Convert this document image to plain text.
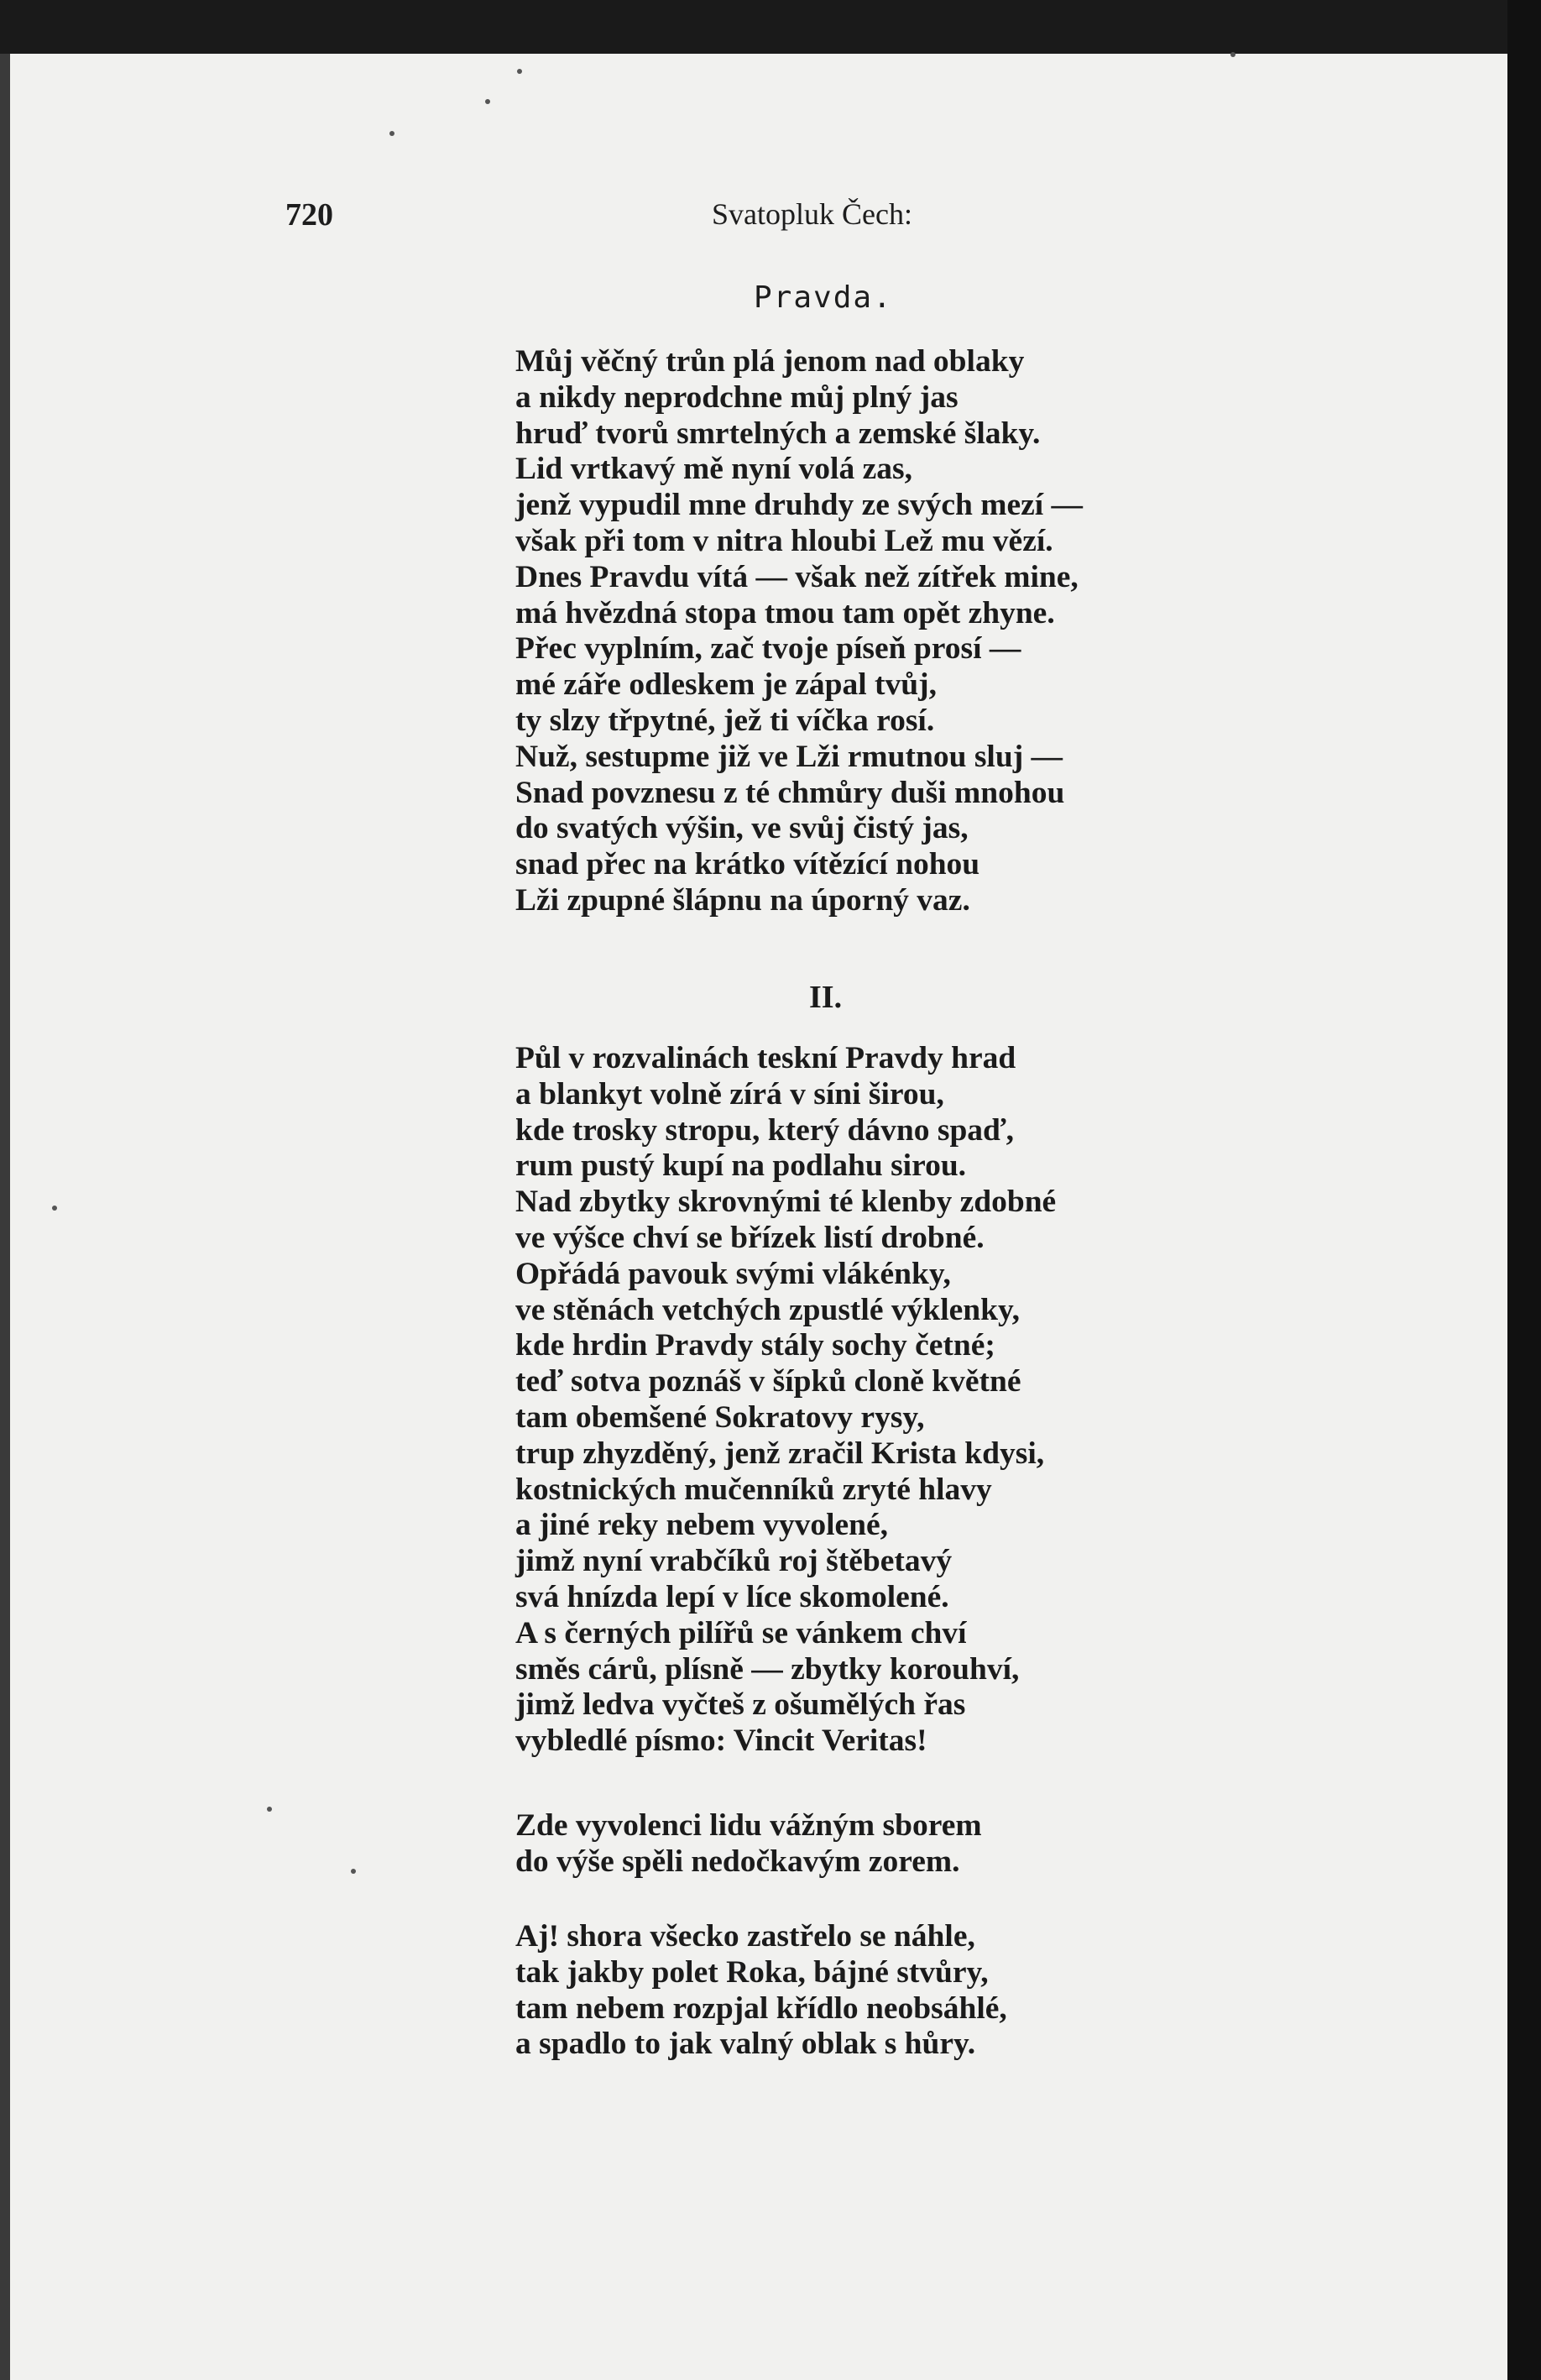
720	Svatopluk Čech:
Pravda.
Můj věčný trůn plá jenom nad oblaky
a nikdy neprodchne můj plný jas
hruď tvorů smrtelných a zemské šlaky.
Lid vrtkavý mě nyní volá zas,
jenž vypudil mne druhdy ze svých mezí —
však při tom v nitra hloubi Lež mu vězí.
Dnes Pravdu vítá — však než zítřek mine,
má hvězdná stopa tmou tam opět zhyne.
Přec vyplním, zač tvoje píseň prosí —
mé záře odleskem je zápal tvůj,
ty slzy třpytné, jež ti víčka rosí.
Nuž, sestupme již ve Lži rmutnou sluj —
Snad povznesu z té chmůry duši mnohou
do svatých výšin, ve svůj čistý jas,
snad přec na krátko vítězící nohou
Lži zpupné šlápnu na úporný vaz.
II.
Půl v rozvalinách teskní Pravdy hrad
a blankyt volně zírá v síni širou,
kde trosky stropu, který dávno spaď,
rum pustý kupí na podlahu sirou.
Nad zbytky skrovnými té klenby zdobné
ve výšce chví se břízek listí drobné.
Opřádá pavouk svými vlákénky,
ve stěnách vetchých zpustlé výklenky,
kde hrdin Pravdy stály sochy četné;
teď sotva poznáš v šípků cloně květné
tam obemšené Sokratovy rysy,
trup zhyzděný, jenž zračil Krista kdysi,
kostnických mučenníků zryté hlavy
a jiné reky nebem vyvolené,
jimž nyní vrabčíků roj štěbetavý
svá hnízda lepí v líce skomolené.
A s černých pilířů se vánkem chví
směs cárů, plísně — zbytky korouhví,
jimž ledva vyčteš z ošumělých řas
vybledlé písmo: Vincit Veritas!
Zde vyvolenci lidu vážným sborem
do výše spěli nedočkavým zorem.
Aj! shora všecko zastřelo se náhle,
tak jakby polet Roka, bájné stvůry,
tam nebem rozpjal křídlo neobsáhlé,
a spadlo to jak valný oblak s hůry.
